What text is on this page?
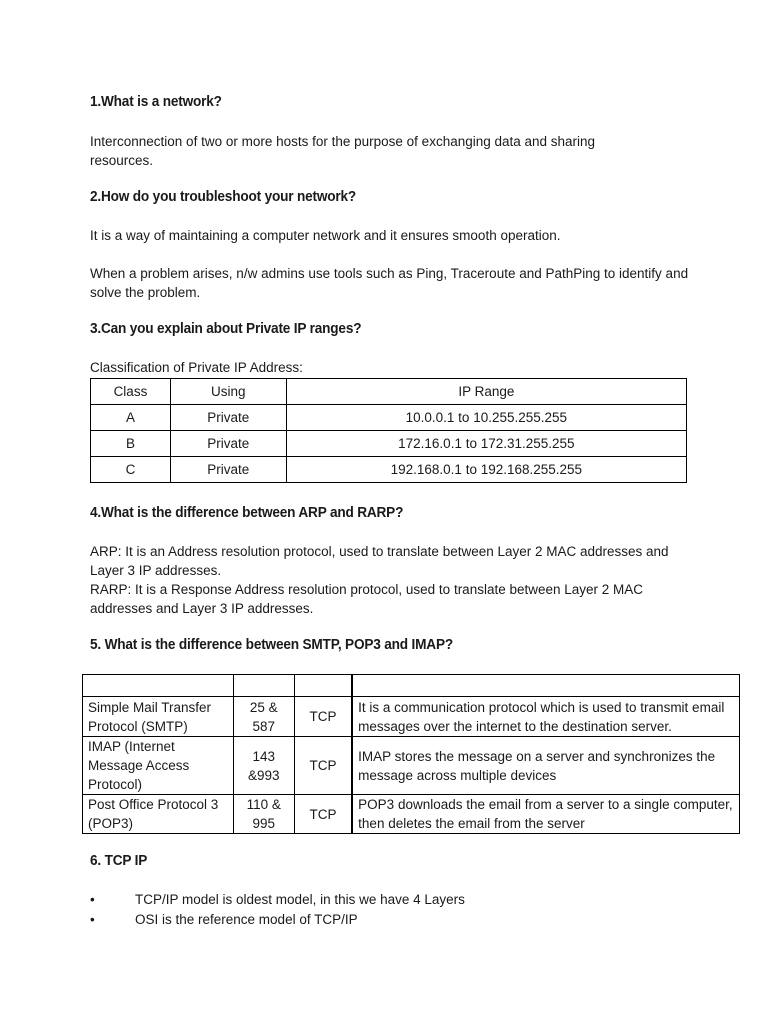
1.What is a network?

Interconnection of two or more hosts for the purpose of exchanging data and sharing resources.

2.How do you troubleshoot your network?

It is a way of maintaining a computer network and it ensures smooth operation.

When a problem arises, n/w admins use tools such as Ping, Traceroute and PathPing to identify and solve the problem.

3.Can you explain about Private IP ranges?

Classification of Private IP Address:

Class	Using	IP Range
A	Private	10.0.0.1 to 10.255.255.255
B	Private	172.16.0.1 to 172.31.255.255
C	Private	192.168.0.1 to 192.168.255.255
4.What is the difference between ARP and RARP?

ARP: It is an Address resolution protocol, used to translate between Layer 2 MAC addresses and Layer 3 IP addresses.

RARP: It is a Response Address resolution protocol, used to translate between Layer 2 MAC addresses and Layer 3 IP addresses.

5. What is the difference between SMTP, POP3 and IMAP?

Simple Mail Transfer Protocol (SMTP)	25 & 587	TCP	It is a communication protocol which is used to transmit email messages over the internet to the destination server.
IMAP (Internet Message Access Protocol)	143 &993	TCP	IMAP stores the message on a server and synchronizes the message across multiple devices
Post Office Protocol 3 (POP3)	110 & 995	TCP	POP3 downloads the email from a server to a single computer, then deletes the email from the server
6. TCP IP
•	TCP/IP model is oldest model, in this we have 4 Layers
•	OSI is the reference model of TCP/IP
